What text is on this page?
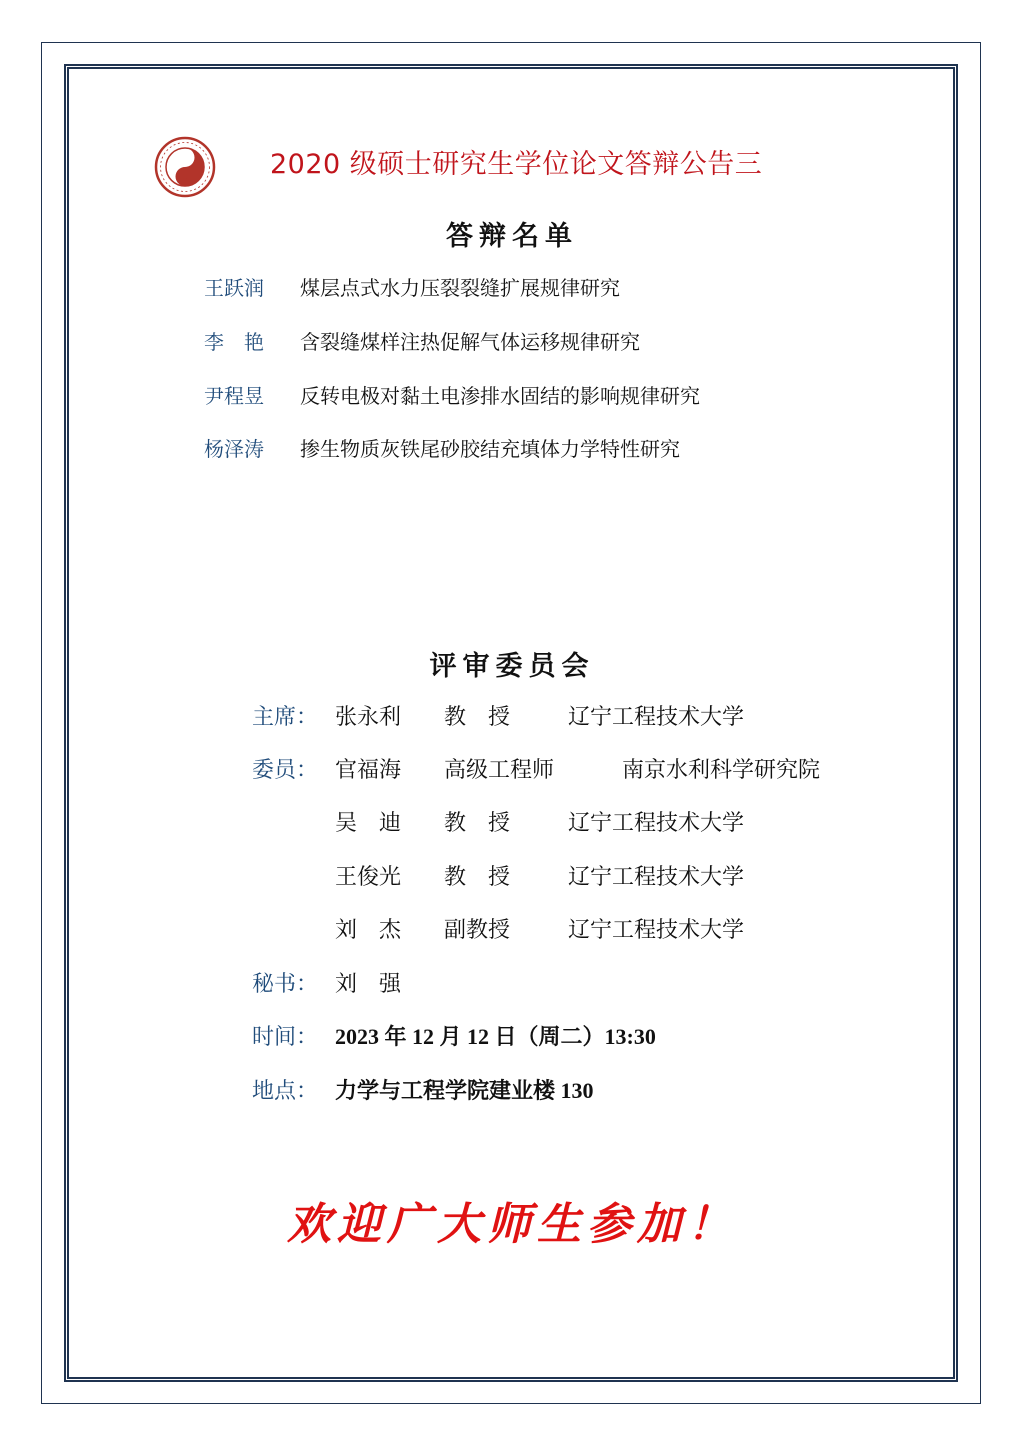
2020 级硕士研究生学位论文答辩公告三
答辩名单
王跃润 煤层点式水力压裂裂缝扩展规律研究
李　艳 含裂缝煤样注热促解气体运移规律研究
尹程昱 反转电极对黏土电渗排水固结的影响规律研究
杨泽涛 掺生物质灰铁尾砂胶结充填体力学特性研究
评审委员会
主席： 张永利 教　授	辽宁工程技术大学
委员： 官福海 高级工程师	南京水利科学研究院
吴　迪 教　授	辽宁工程技术大学
王俊光 教　授	辽宁工程技术大学
刘　杰 副教授	辽宁工程技术大学
秘书： 刘　强
时间： 2023 年 12 月 12 日（周二）13:30
地点： 力学与工程学院建业楼 130
欢迎广大师生参加！
